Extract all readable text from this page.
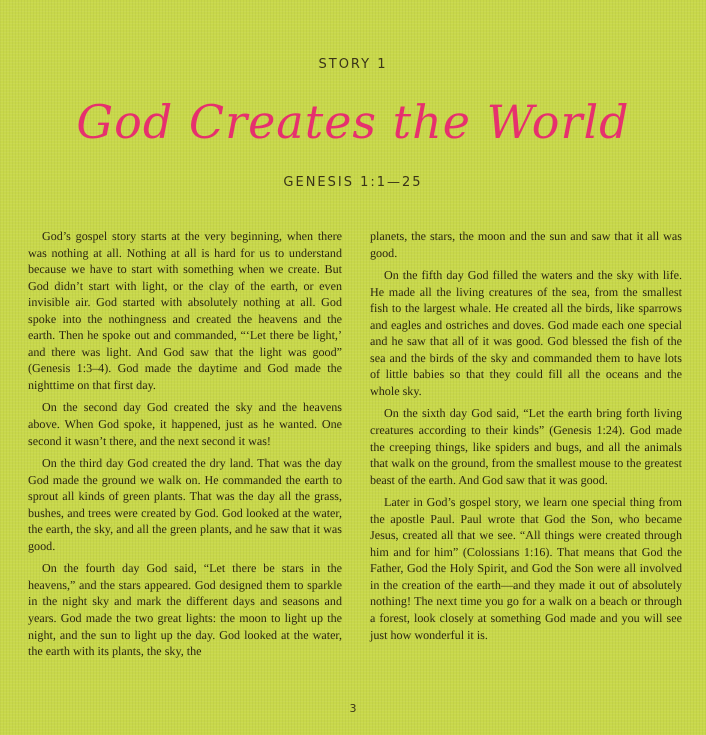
STORY 1
God Creates the World
GENESIS 1:1—25

God’s gospel story starts at the very beginning, when there was nothing at all. Nothing at all is hard for us to understand because we have to start with something when we create. But God didn’t start with light, or the clay of the earth, or even invisible air. God started with absolutely nothing at all. God spoke into the nothingness and created the heavens and the earth. Then he spoke out and commanded, “‘Let there be light,’ and there was light. And God saw that the light was good” (Genesis 1:3–4). God made the daytime and God made the nighttime on that first day.

On the second day God created the sky and the heavens above. When God spoke, it happened, just as he wanted. One second it wasn’t there, and the next second it was!

On the third day God created the dry land. That was the day God made the ground we walk on. He commanded the earth to sprout all kinds of green plants. That was the day all the grass, bushes, and trees were created by God. God looked at the water, the earth, the sky, and all the green plants, and he saw that it was good.

On the fourth day God said, “Let there be stars in the heavens,” and the stars appeared. God designed them to sparkle in the night sky and mark the different days and seasons and years. God made the two great lights: the moon to light up the night, and the sun to light up the day. God looked at the water, the earth with its plants, the sky, the

planets, the stars, the moon and the sun and saw that it all was good.

On the fifth day God filled the waters and the sky with life. He made all the living creatures of the sea, from the smallest fish to the largest whale. He created all the birds, like sparrows and eagles and ostriches and doves. God made each one special and he saw that all of it was good. God blessed the fish of the sea and the birds of the sky and commanded them to have lots of little babies so that they could fill all the oceans and the whole sky.

On the sixth day God said, “Let the earth bring forth living creatures according to their kinds” (Genesis 1:24). God made the creeping things, like spiders and bugs, and all the animals that walk on the ground, from the smallest mouse to the greatest beast of the earth. And God saw that it was good.

Later in God’s gospel story, we learn one special thing from the apostle Paul. Paul wrote that God the Son, who became Jesus, created all that we see. “All things were created through him and for him” (Colossians 1:16). That means that God the Father, God the Holy Spirit, and God the Son were all involved in the creation of the earth—and they made it out of absolutely nothing! The next time you go for a walk on a beach or through a forest, look closely at something God made and you will see just how wonderful it is.

3
